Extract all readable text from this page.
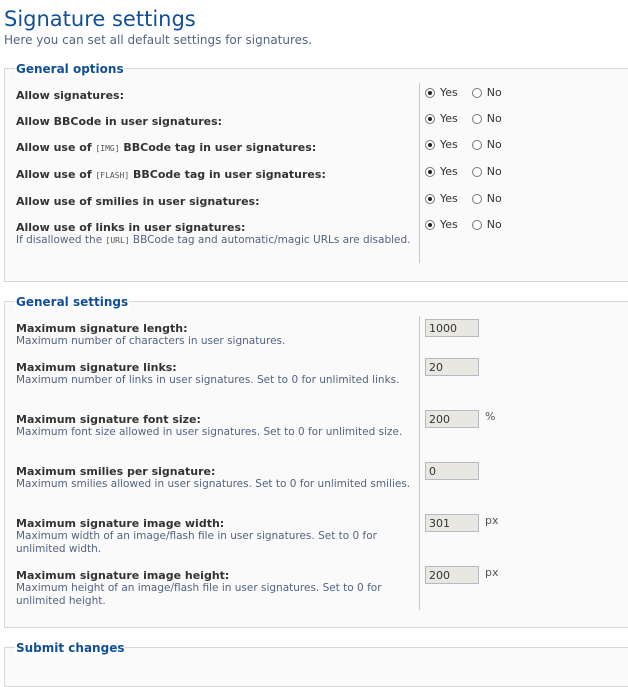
Signature settings

Here you can set all default settings for signatures.

General options
Allow signatures:	Yes	No
Allow BBCode in user signatures:	Yes	No
Allow use of [IMG] BBCode tag in user signatures:	Yes	No
Allow use of [FLASH] BBCode tag in user signatures:	Yes	No
Allow use of smilies in user signatures:	Yes	No
Allow use of links in user signatures:
If disallowed the [URL] BBCode tag and automatic/magic URLs are disabled.
Yes	No
General settings
Maximum signature length:
Maximum number of characters in user signatures.
1000
Maximum signature links:
Maximum number of links in user signatures. Set to 0 for unlimited links.
20
Maximum signature font size:
Maximum font size allowed in user signatures. Set to 0 for unlimited size.
200	%
Maximum smilies per signature:
Maximum smilies allowed in user signatures. Set to 0 for unlimited smilies.
0
Maximum signature image width:
Maximum width of an image/flash file in user signatures. Set to 0 for unlimited width.
301	px
Maximum signature image height:
Maximum height of an image/flash file in user signatures. Set to 0 for unlimited height.
200	px
Submit changes
